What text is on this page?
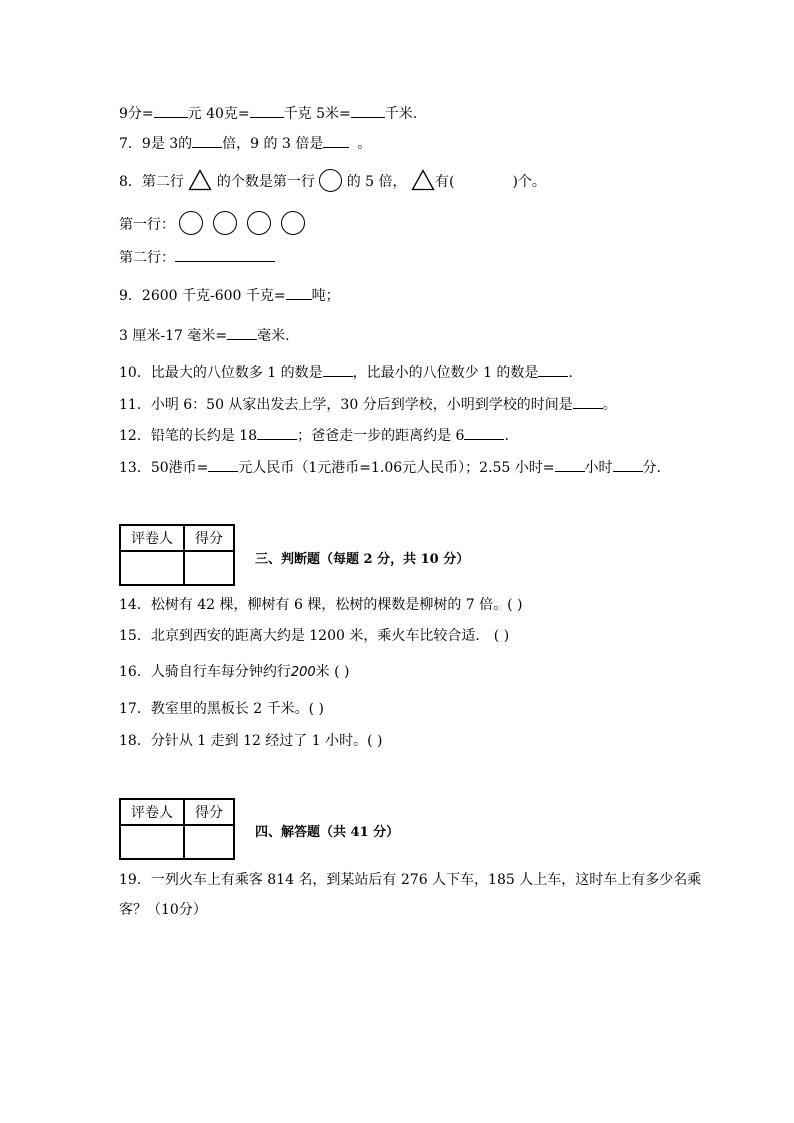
9分= 元 40克= 千克 5米= 千米.
7．9是 3的 倍，9 的 3 倍是 。
8．第二行 的个数是第一行 的 5 倍， 有(	)个。
第一行：
第二行：
9．2600 千克-600 千克= 吨；
3 厘米-17 毫米= 毫米.
10．比最大的八位数多 1 的数是 ，比最小的八位数少 1 的数是 .
11．小明 6：50 从家出发去上学，30 分后到学校，小明到学校的时间是 。
12．铅笔的长约是 18	；爸爸走一步的距离约是 6	.
13．50港币= 元人民币（1元港币=1.06元人民币）；2.55 小时= 小时 分.
评卷人	得分

三、判断题（每题 2 分，共 10 分）
14．松树有 42 棵，柳树有 6 棵，松树的棵数是柳树的 7 倍。( )
15．北京到西安的距离大约是 1200 米，乘火车比较合适． ( )
16．人骑自行车每分钟约行200米 ( )
17．教室里的黑板长 2 千米。( )
18．分针从 1 走到 12 经过了 1 小时。( )
评卷人	得分

四、解答题（共 41 分）
19．一列火车上有乘客 814 名，到某站后有 276 人下车，185 人上车，这时车上有多少名乘
客？（10分）
